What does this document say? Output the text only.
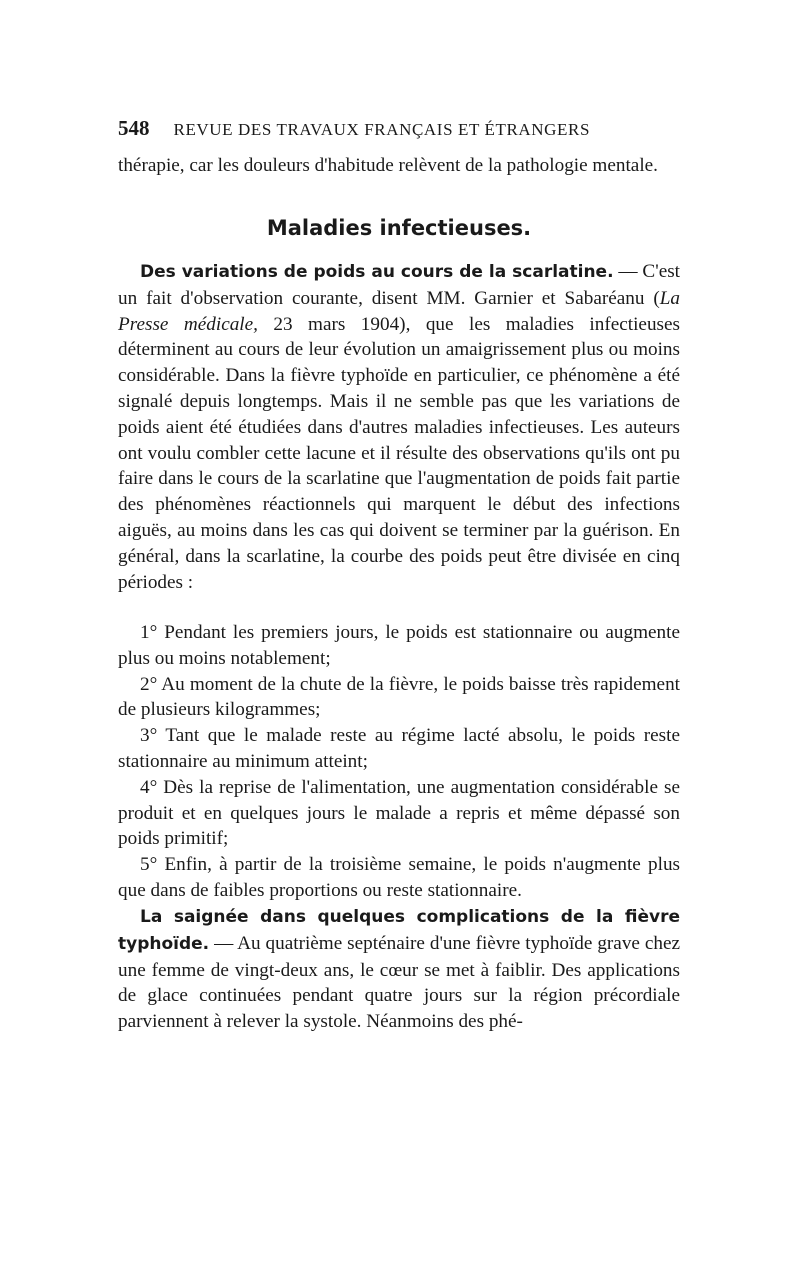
548 REVUE DES TRAVAUX FRANÇAIS ET ÉTRANGERS

thérapie, car les douleurs d'habitude relèvent de la pathologie mentale.

Maladies infectieuses.
Des variations de poids au cours de la scarlatine. — C'est un fait d'observation courante, disent MM. Garnier et Sabaréanu (La Presse médicale, 23 mars 1904), que les maladies infectieuses déterminent au cours de leur évolution un amaigrissement plus ou moins considérable. Dans la fièvre typhoïde en particulier, ce phénomène a été signalé depuis longtemps. Mais il ne semble pas que les variations de poids aient été étudiées dans d'autres maladies infectieuses. Les auteurs ont voulu combler cette lacune et il résulte des observations qu'ils ont pu faire dans le cours de la scarlatine que l'augmentation de poids fait partie des phénomènes réactionnels qui marquent le début des infections aiguës, au moins dans les cas qui doivent se terminer par la guérison. En général, dans la scarlatine, la courbe des poids peut être divisée en cinq périodes :

1° Pendant les premiers jours, le poids est stationnaire ou augmente plus ou moins notablement;

2° Au moment de la chute de la fièvre, le poids baisse très rapidement de plusieurs kilogrammes;

3° Tant que le malade reste au régime lacté absolu, le poids reste stationnaire au minimum atteint;

4° Dès la reprise de l'alimentation, une augmentation considérable se produit et en quelques jours le malade a repris et même dépassé son poids primitif;

5° Enfin, à partir de la troisième semaine, le poids n'augmente plus que dans de faibles proportions ou reste stationnaire.

La saignée dans quelques complications de la fièvre typhoïde. — Au quatrième septénaire d'une fièvre typhoïde grave chez une femme de vingt-deux ans, le cœur se met à faiblir. Des applications de glace continuées pendant quatre jours sur la région précordiale parviennent à relever la systole. Néanmoins des phé-
